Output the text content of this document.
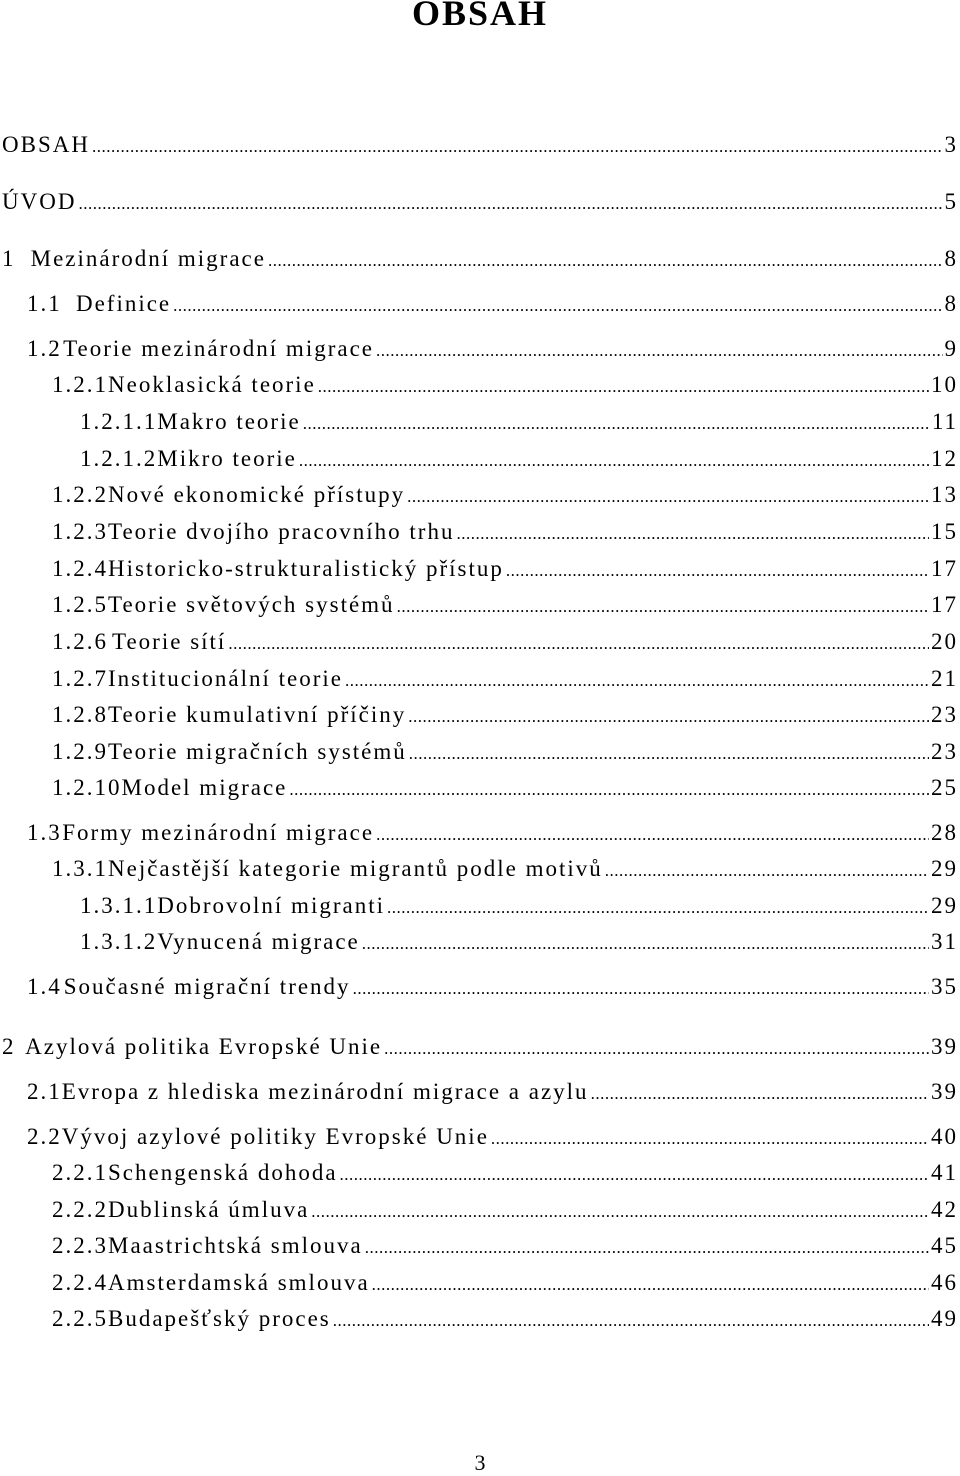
OBSAH
OBSAH .....	3
ÚVOD .....	5
1 Mezinárodní migrace .....	8
1.1 Definice .....	8
1.2 Teorie mezinárodní migrace .....	9
1.2.1 Neoklasická teorie .....	10
1.2.1.1 Makro teorie .....	11
1.2.1.2 Mikro teorie .....	12
1.2.2 Nové ekonomické přístupy .....	13
1.2.3 Teorie dvojího pracovního trhu .....	15
1.2.4 Historicko-strukturalistický přístup .....	17
1.2.5 Teorie světových systémů .....	17
1.2.6 Teorie sítí .....	20
1.2.7 Institucionální teorie .....	21
1.2.8 Teorie kumulativní příčiny .....	23
1.2.9 Teorie migračních systémů .....	23
1.2.10 Model migrace .....	25
1.3 Formy mezinárodní migrace .....	28
1.3.1 Nejčastější kategorie migrantů podle motivů .....	29
1.3.1.1 Dobrovolní migranti .....	29
1.3.1.2 Vynucená migrace .....	31
1.4 Současné migrační trendy .....	35
2 Azylová politika Evropské Unie .....	39
2.1 Evropa z hlediska mezinárodní migrace a azylu .....	39
2.2 Vývoj azylové politiky Evropské Unie .....	40
2.2.1 Schengenská dohoda .....	41
2.2.2 Dublinská úmluva .....	42
2.2.3 Maastrichtská smlouva .....	45
2.2.4 Amsterdamská smlouva .....	46
2.2.5 Budapešťský proces .....	49
3
